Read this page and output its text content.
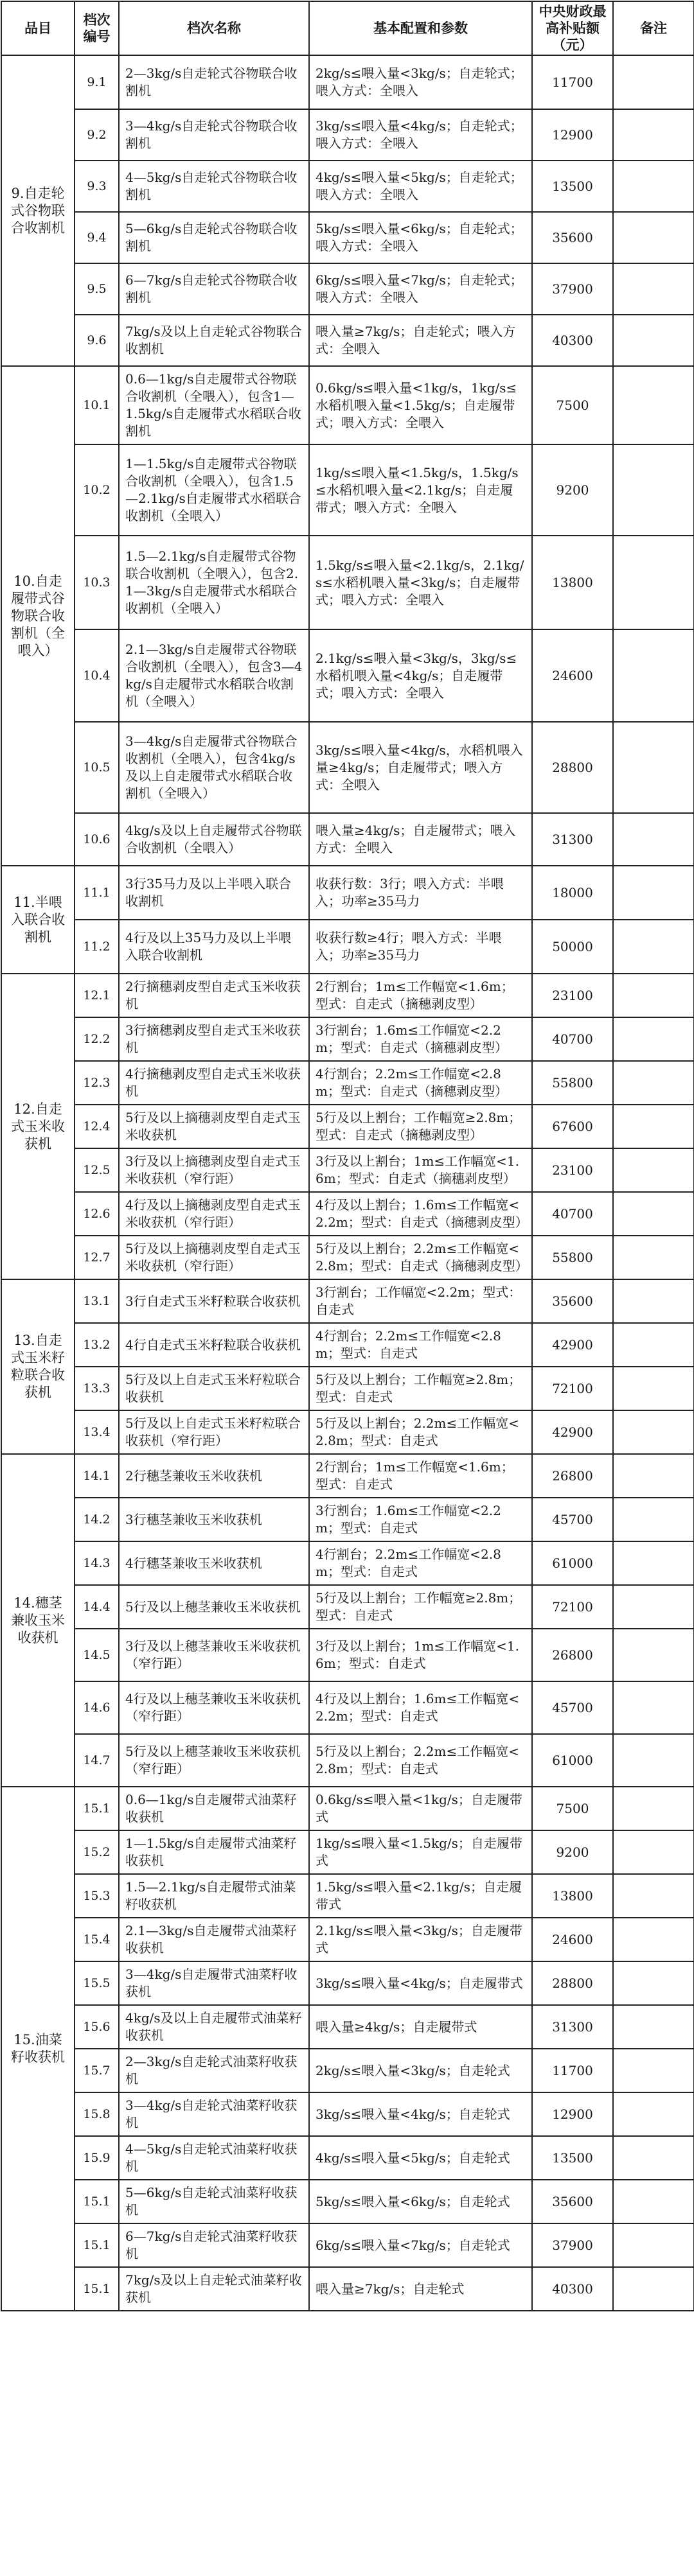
品目	档次编号	档次名称	基本配置和参数	中央财政最高补贴额（元）	备注
9.自走轮式谷物联合收割机	9.1	2—3kg/s自走轮式谷物联合收割机	2kg/s≤喂入量<3kg/s；自走轮式；喂入方式：全喂入	11700	
	9.2	3—4kg/s自走轮式谷物联合收割机	3kg/s≤喂入量<4kg/s；自走轮式；喂入方式：全喂入	12900	
	9.3	4—5kg/s自走轮式谷物联合收割机	4kg/s≤喂入量<5kg/s；自走轮式；喂入方式：全喂入	13500	
	9.4	5—6kg/s自走轮式谷物联合收割机	5kg/s≤喂入量<6kg/s；自走轮式；喂入方式：全喂入	35600	
	9.5	6—7kg/s自走轮式谷物联合收割机	6kg/s≤喂入量<7kg/s；自走轮式；喂入方式：全喂入	37900	
	9.6	7kg/s及以上自走轮式谷物联合收割机	喂入量≥7kg/s；自走轮式；喂入方式：全喂入	40300	
10.自走履带式谷物联合收割机（全喂入）	10.1	0.6—1kg/s自走履带式谷物联合收割机（全喂入），包含1—1.5kg/s自走履带式水稻联合收割机	0.6kg/s≤喂入量<1kg/s，1kg/s≤水稻机喂入量<1.5kg/s；自走履带式；喂入方式：全喂入	7500	
	10.2	1—1.5kg/s自走履带式谷物联合收割机（全喂入），包含1.5—2.1kg/s自走履带式水稻联合收割机（全喂入）	1kg/s≤喂入量<1.5kg/s，1.5kg/s≤水稻机喂入量<2.1kg/s；自走履带式；喂入方式：全喂入	9200	
	10.3	1.5—2.1kg/s自走履带式谷物联合收割机（全喂入），包含2.1—3kg/s自走履带式水稻联合收割机（全喂入）	1.5kg/s≤喂入量<2.1kg/s，2.1kg/s≤水稻机喂入量<3kg/s；自走履带式；喂入方式：全喂入	13800	
	10.4	2.1—3kg/s自走履带式谷物联合收割机（全喂入），包含3—4kg/s自走履带式水稻联合收割机（全喂入）	2.1kg/s≤喂入量<3kg/s，3kg/s≤水稻机喂入量<4kg/s；自走履带式；喂入方式：全喂入	24600	
	10.5	3—4kg/s自走履带式谷物联合收割机（全喂入），包含4kg/s及以上自走履带式水稻联合收割机（全喂入）	3kg/s≤喂入量<4kg/s，水稻机喂入量≥4kg/s；自走履带式；喂入方式：全喂入	28800	
	10.6	4kg/s及以上自走履带式谷物联合收割机（全喂入）	喂入量≥4kg/s；自走履带式；喂入方式：全喂入	31300	
11.半喂入联合收割机	11.1	3行35马力及以上半喂入联合收割机	收获行数：3行；喂入方式：半喂入；功率≥35马力	18000	
	11.2	4行及以上35马力及以上半喂入联合收割机	收获行数≥4行；喂入方式：半喂入；功率≥35马力	50000	
12.自走式玉米收获机	12.1	2行摘穗剥皮型自走式玉米收获机	2行割台；1m≤工作幅宽<1.6m；型式：自走式（摘穗剥皮型）	23100	
	12.2	3行摘穗剥皮型自走式玉米收获机	3行割台；1.6m≤工作幅宽<2.2m；型式：自走式（摘穗剥皮型）	40700	
	12.3	4行摘穗剥皮型自走式玉米收获机	4行割台；2.2m≤工作幅宽<2.8m；型式：自走式（摘穗剥皮型）	55800	
	12.4	5行及以上摘穗剥皮型自走式玉米收获机	5行及以上割台；工作幅宽≥2.8m；型式：自走式（摘穗剥皮型）	67600	
	12.5	3行及以上摘穗剥皮型自走式玉米收获机（窄行距）	3行及以上割台；1m≤工作幅宽<1.6m；型式：自走式（摘穗剥皮型）	23100	
	12.6	4行及以上摘穗剥皮型自走式玉米收获机（窄行距）	4行及以上割台；1.6m≤工作幅宽<2.2m；型式：自走式（摘穗剥皮型）	40700	
	12.7	5行及以上摘穗剥皮型自走式玉米收获机（窄行距）	5行及以上割台；2.2m≤工作幅宽<2.8m；型式：自走式（摘穗剥皮型）	55800	
13.自走式玉米籽粒联合收获机	13.1	3行自走式玉米籽粒联合收获机	3行割台；工作幅宽<2.2m；型式：自走式	35600	
	13.2	4行自走式玉米籽粒联合收获机	4行割台；2.2m≤工作幅宽<2.8m；型式：自走式	42900	
	13.3	5行及以上自走式玉米籽粒联合收获机	5行及以上割台；工作幅宽≥2.8m；型式：自走式	72100	
	13.4	5行及以上自走式玉米籽粒联合收获机（窄行距）	5行及以上割台；2.2m≤工作幅宽<2.8m；型式：自走式	42900	
14.穗茎兼收玉米收获机	14.1	2行穗茎兼收玉米收获机	2行割台；1m≤工作幅宽<1.6m；型式：自走式	26800	
	14.2	3行穗茎兼收玉米收获机	3行割台；1.6m≤工作幅宽<2.2m；型式：自走式	45700	
	14.3	4行穗茎兼收玉米收获机	4行割台；2.2m≤工作幅宽<2.8m；型式：自走式	61000	
	14.4	5行及以上穗茎兼收玉米收获机	5行及以上割台；工作幅宽≥2.8m；型式：自走式	72100	
	14.5	3行及以上穗茎兼收玉米收获机（窄行距）	3行及以上割台；1m≤工作幅宽<1.6m；型式：自走式	26800	
	14.6	4行及以上穗茎兼收玉米收获机（窄行距）	4行及以上割台；1.6m≤工作幅宽<2.2m；型式：自走式	45700	
	14.7	5行及以上穗茎兼收玉米收获机（窄行距）	5行及以上割台；2.2m≤工作幅宽<2.8m；型式：自走式	61000	
15.油菜籽收获机	15.1	0.6—1kg/s自走履带式油菜籽收获机	0.6kg/s≤喂入量<1kg/s；自走履带式	7500	
	15.2	1—1.5kg/s自走履带式油菜籽收获机	1kg/s≤喂入量<1.5kg/s；自走履带式	9200	
	15.3	1.5—2.1kg/s自走履带式油菜籽收获机	1.5kg/s≤喂入量<2.1kg/s；自走履带式	13800	
	15.4	2.1—3kg/s自走履带式油菜籽收获机	2.1kg/s≤喂入量<3kg/s；自走履带式	24600	
	15.5	3—4kg/s自走履带式油菜籽收获机	3kg/s≤喂入量<4kg/s；自走履带式	28800	
	15.6	4kg/s及以上自走履带式油菜籽收获机	喂入量≥4kg/s；自走履带式	31300	
	15.7	2—3kg/s自走轮式油菜籽收获机	2kg/s≤喂入量<3kg/s；自走轮式	11700	
	15.8	3—4kg/s自走轮式油菜籽收获机	3kg/s≤喂入量<4kg/s；自走轮式	12900	
	15.9	4—5kg/s自走轮式油菜籽收获机	4kg/s≤喂入量<5kg/s；自走轮式	13500	
	15.1	5—6kg/s自走轮式油菜籽收获机	5kg/s≤喂入量<6kg/s；自走轮式	35600	
	15.1	6—7kg/s自走轮式油菜籽收获机	6kg/s≤喂入量<7kg/s；自走轮式	37900	
	15.1	7kg/s及以上自走轮式油菜籽收获机	喂入量≥7kg/s；自走轮式	40300	
